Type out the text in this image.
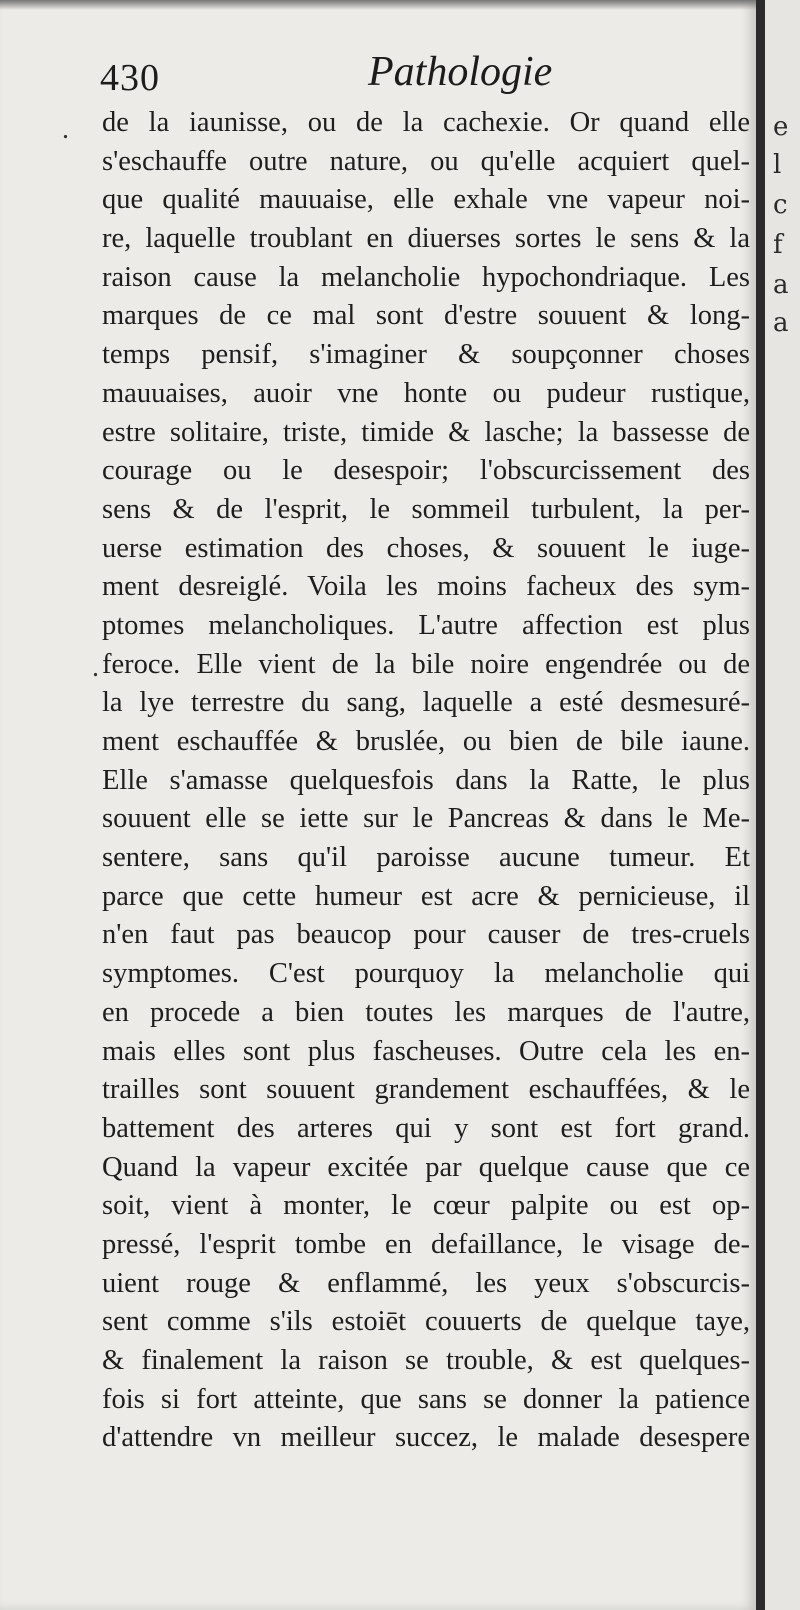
430	Pathologie
.
.
de la iaunisse, ou de la cachexie. Or quand elle
s'eschauffe outre nature, ou qu'elle acquiert quel-
que qualité mauuaise, elle exhale vne vapeur noi-
re, laquelle troublant en diuerses sortes le sens & la
raison cause la melancholie hypochondriaque. Les
marques de ce mal sont d'estre souuent & long-
temps pensif, s'imaginer & soupçonner choses
mauuaises, auoir vne honte ou pudeur rustique,
estre solitaire, triste, timide & lasche; la bassesse de
courage ou le desespoir; l'obscurcissement des
sens & de l'esprit, le sommeil turbulent, la per-
uerse estimation des choses, & souuent le iuge-
ment desreiglé. Voila les moins facheux des sym-
ptomes melancholiques. L'autre affection est plus
feroce. Elle vient de la bile noire engendrée ou de
la lye terrestre du sang, laquelle a esté desmesuré-
ment eschauffée & bruslée, ou bien de bile iaune.
Elle s'amasse quelquesfois dans la Ratte, le plus
souuent elle se iette sur le Pancreas & dans le Me-
sentere, sans qu'il paroisse aucune tumeur. Et
parce que cette humeur est acre & pernicieuse, il
n'en faut pas beaucop pour causer de tres-cruels
symptomes. C'est pourquoy la melancholie qui
en procede a bien toutes les marques de l'autre,
mais elles sont plus fascheuses. Outre cela les en-
trailles sont souuent grandement eschauffées, & le
battement des arteres qui y sont est fort grand.
Quand la vapeur excitée par quelque cause que ce
soit, vient à monter, le cœur palpite ou est op-
pressé, l'esprit tombe en defaillance, le visage de-
uient rouge & enflammé, les yeux s'obscurcis-
sent comme s'ils estoiēt couuerts de quelque taye,
& finalement la raison se trouble, & est quelques-
fois si fort atteinte, que sans se donner la patience
d'attendre vn meilleur succez, le malade desespere
e
l
c
f
a
a
